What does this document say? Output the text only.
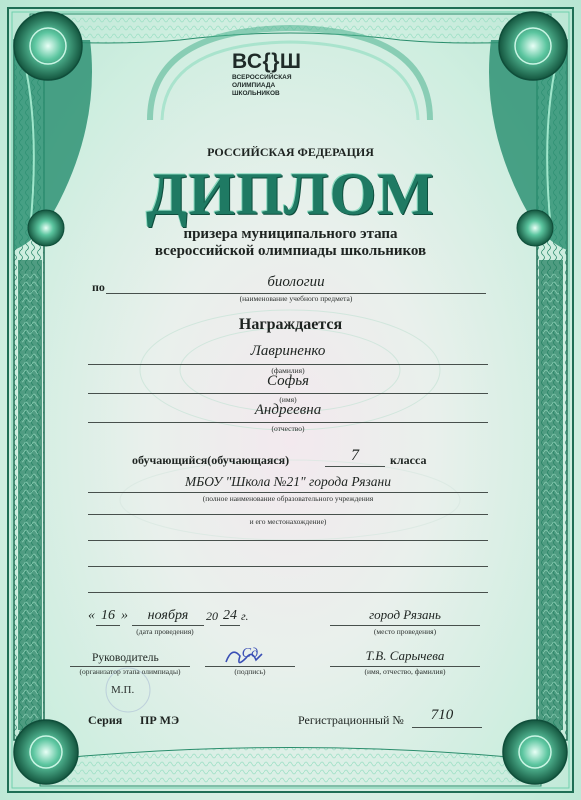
ВС{}Ш
ВСЕРОССИЙСКАЯ
ОЛИМПИАДА
ШКОЛЬНИКОВ
РОССИЙСКАЯ ФЕДЕРАЦИЯ
ДИПЛОМ
призера муниципального этапа
всероссийской олимпиады школьников
по	биологии
(наименование учебного предмета)
Награждается
Лавриненко
(фамилия)
Софья
(имя)
Андреевна
(отчество)
обучающийся(обучающаяся)	7	класса
МБОУ "Школа №21" города Рязани
(полное наименование образовательного учреждения
и его местонахождение)
« 16 »	ноября	20 24 г.
(дата проведения)
город Рязань
(место проведения)
Руководитель
(организатор этапа олимпиады)
Сд
(подпись)
Т.В. Сарычева
(имя, отчество, фамилия)
М.П.
Серия ПР МЭ	Регистрационный №	710
